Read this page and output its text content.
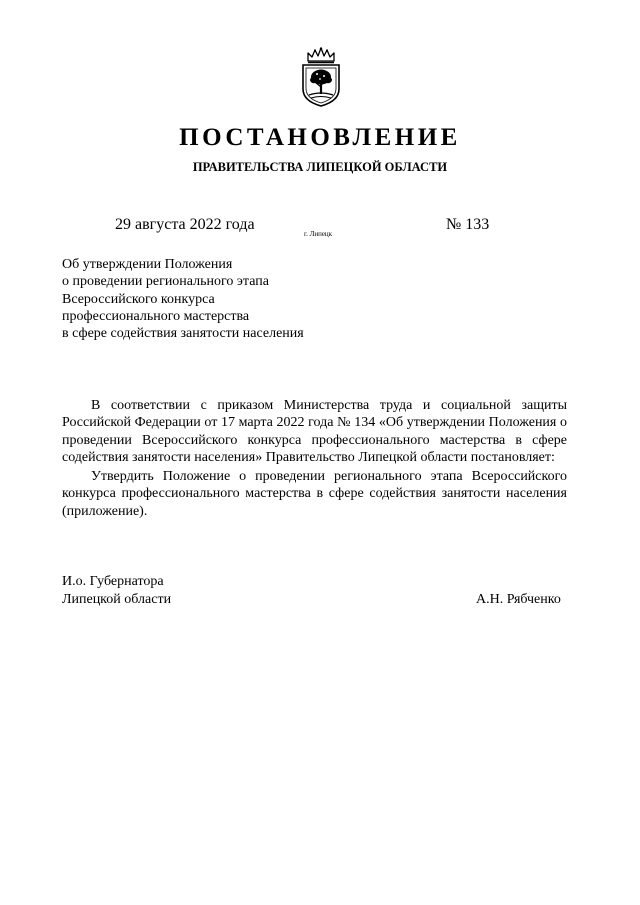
ПОСТАНОВЛЕНИЕ
ПРАВИТЕЛЬСТВА ЛИПЕЦКОЙ ОБЛАСТИ
29 августа 2022 года
г. Липецк
№ 133
Об утверждении Положения
о проведении регионального этапа
Всероссийского конкурса
профессионального мастерства
в сфере содействия занятости населения

В соответствии с приказом Министерства труда и социальной защиты Российской Федерации от 17 марта 2022 года № 134 «Об утверждении Положения о проведении Всероссийского конкурса профессионального мастерства в сфере содействия занятости населения» Правительство Липецкой области постановляет:

Утвердить Положение о проведении регионального этапа Всероссийского конкурса профессионального мастерства в сфере содействия занятости населения (приложение).

И.о. Губернатора
Липецкой области	А.Н. Рябченко
